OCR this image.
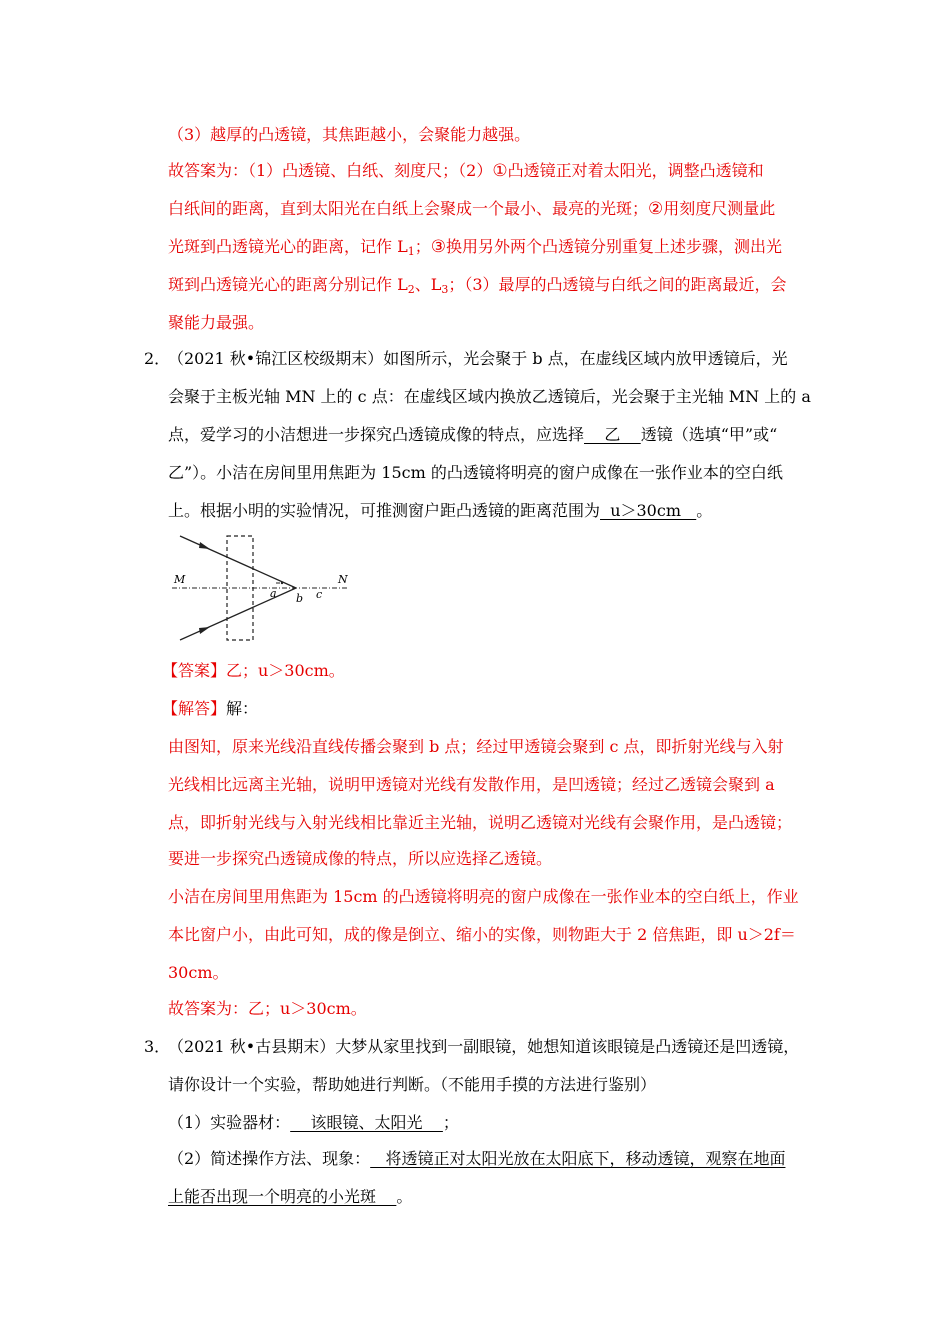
（3）越厚的凸透镜，其焦距越小，会聚能力越强。
故答案为：（1）凸透镜、白纸、刻度尺；（2）①凸透镜正对着太阳光，调整凸透镜和
白纸间的距离，直到太阳光在白纸上会聚成一个最小、最亮的光斑；②用刻度尺测量此
光斑到凸透镜光心的距离，记作 $L_1$；③换用另外两个凸透镜分别重复上述步骤，测出光
斑到凸透镜光心的距离分别记作 $L_2$、$L_3$；（3）最厚的凸透镜与白纸之间的距离最近，会
聚能力最强。
2．
（2021 秋•锦江区校级期末）如图所示，光会聚于 b 点，在虚线区域内放甲透镜后，光
会聚于主板光轴 MN 上的 c 点：在虚线区域内换放乙透镜后，光会聚于主光轴 MN 上的 a
点，爱学习的小洁想进一步探究凸透镜成像的特点，应选择    乙    透镜（选填“甲”或“
乙”）。小洁在房间里用焦距为 15cm 的凸透镜将明亮的窗户成像在一张作业本的空白纸
上。根据小明的实验情况，可推测窗户距凸透镜的距离范围为  u＞30cm   。
M	N
a b c
【答案】乙；u＞30cm。
【解答】解：
由图知，原来光线沿直线传播会聚到 b 点；经过甲透镜会聚到 c 点，即折射光线与入射
光线相比远离主光轴，说明甲透镜对光线有发散作用，是凹透镜；经过乙透镜会聚到 a
点，即折射光线与入射光线相比靠近主光轴，说明乙透镜对光线有会聚作用，是凸透镜；
要进一步探究凸透镜成像的特点，所以应选择乙透镜。
小洁在房间里用焦距为 15cm 的凸透镜将明亮的窗户成像在一张作业本的空白纸上，作业
本比窗户小，由此可知，成的像是倒立、缩小的实像，则物距大于 2 倍焦距，即 u＞2f＝
30cm。
故答案为：乙；u＞30cm。
3．
（2021 秋•古县期末）大梦从家里找到一副眼镜，她想知道该眼镜是凸透镜还是凹透镜，
请你设计一个实验，帮助她进行判断。（不能用手摸的方法进行鉴别）
（1）实验器材：    该眼镜、太阳光    ；
（2）简述操作方法、现象：   将透镜正对太阳光放在太阳底下，移动透镜，观察在地面
上能否出现一个明亮的小光斑    。
